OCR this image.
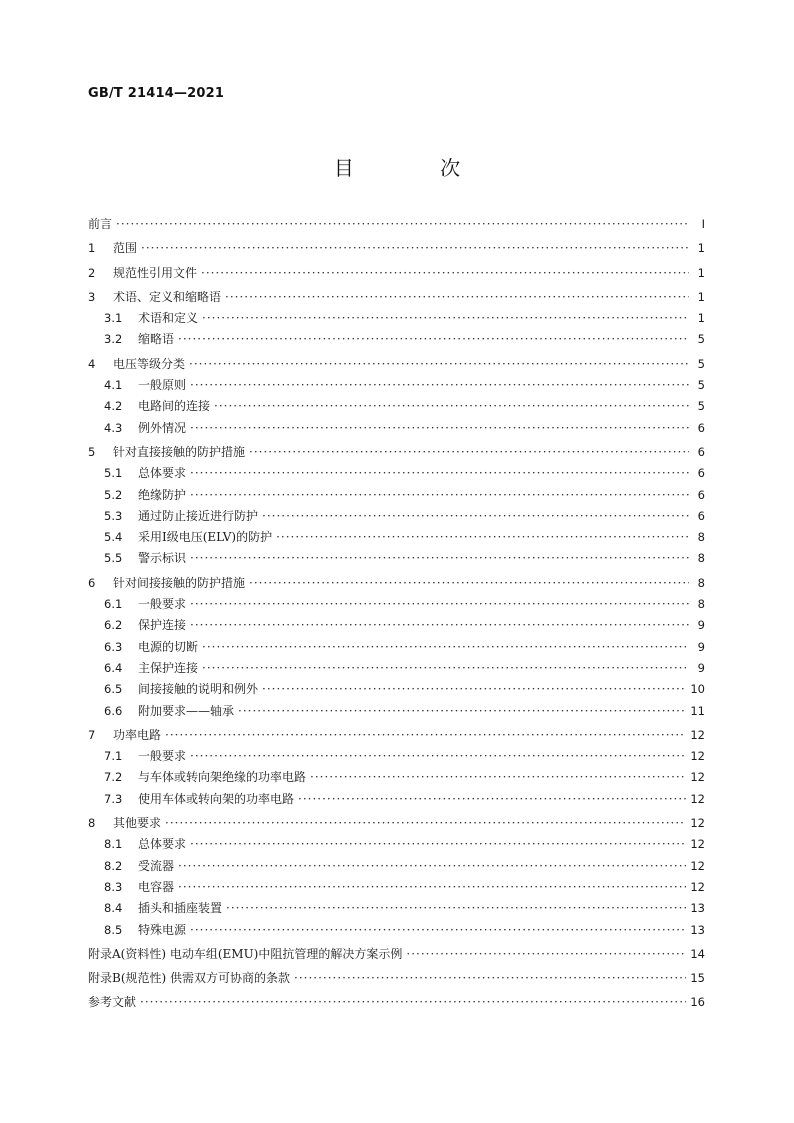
GB/T 21414—2021
目 次
前言 ·····	Ⅰ
1	范围 ·····	1
2	规范性引用文件 ·····	1
3	术语、定义和缩略语 ·····	1
3.1	术语和定义 ·····	1
3.2	缩略语 ·····	5
4	电压等级分类 ·····	5
4.1	一般原则 ·····	5
4.2	电路间的连接 ·····	5
4.3	例外情况 ·····	6
5	针对直接接触的防护措施 ·····	6
5.1	总体要求 ·····	6
5.2	绝缘防护 ·····	6
5.3	通过防止接近进行防护 ·····	6
5.4	采用Ⅰ级电压(ELV)的防护 ·····	8
5.5	警示标识 ·····	8
6	针对间接接触的防护措施 ·····	8
6.1	一般要求 ·····	8
6.2	保护连接 ·····	9
6.3	电源的切断 ·····	9
6.4	主保护连接 ·····	9
6.5	间接接触的说明和例外 ·····	10
6.6	附加要求——轴承 ·····	11
7	功率电路 ·····	12
7.1	一般要求 ·····	12
7.2	与车体或转向架绝缘的功率电路 ·····	12
7.3	使用车体或转向架的功率电路 ·····	12
8	其他要求 ·····	12
8.1	总体要求 ·····	12
8.2	受流器 ·····	12
8.3	电容器 ·····	12
8.4	插头和插座装置 ·····	13
8.5	特殊电源 ·····	13
附录A(资料性) 电动车组(EMU)中阻抗管理的解决方案示例 ·····	14
附录B(规范性) 供需双方可协商的条款 ·····	15
参考文献 ·····	16
